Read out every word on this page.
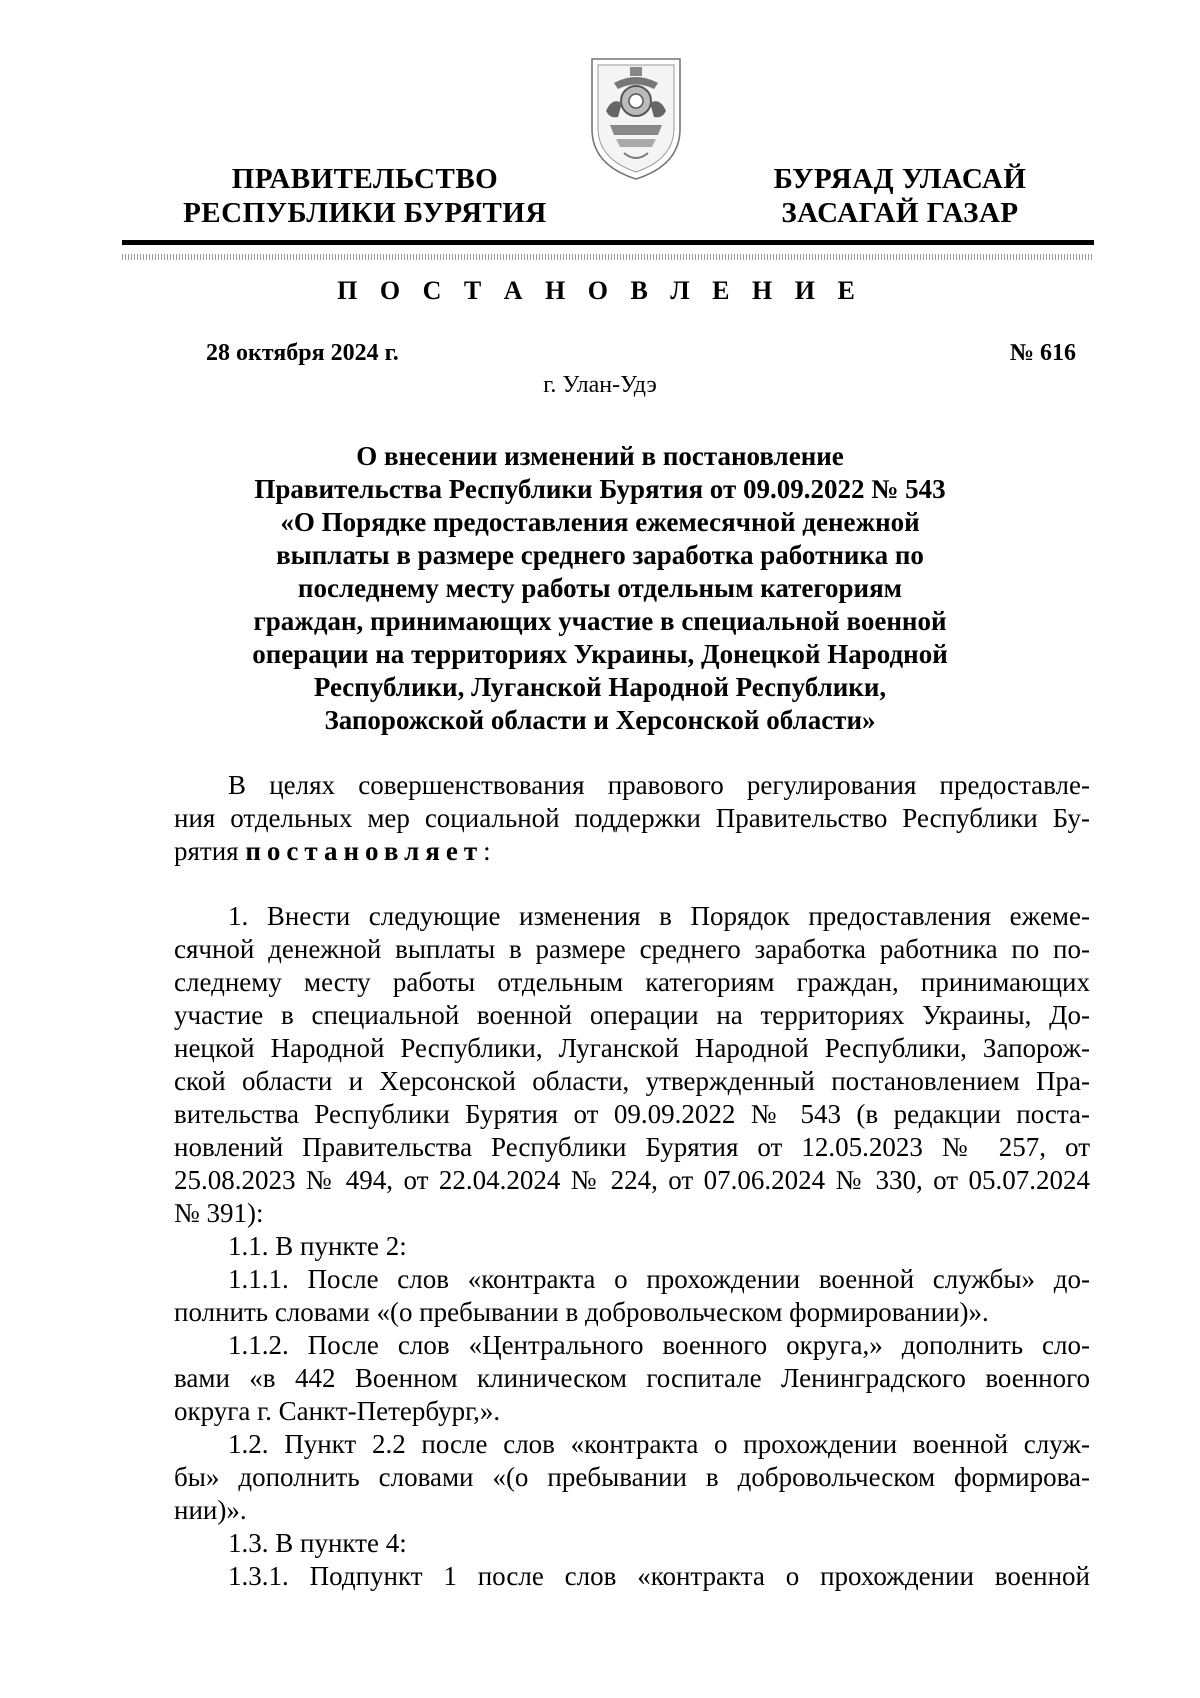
ПРАВИТЕЛЬСТВО
РЕСПУБЛИКИ БУРЯТИЯ
БУРЯАД УЛАСАЙ
ЗАСАГАЙ ГАЗАР
П О С Т А Н О В Л Е Н И Е
28 октября 2024 г.	№ 616
г. Улан-Удэ
О внесении изменений в постановление
Правительства Республики Бурятия от 09.09.2022 № 543
«О Порядке предоставления ежемесячной денежной
выплаты в размере среднего заработка работника по
последнему месту работы отдельным категориям
граждан, принимающих участие в специальной военной
операции на территориях Украины, Донецкой Народной
Республики, Луганской Народной Республики,
Запорожской области и Херсонской области»
В целях совершенствования правового регулирования предоставле-
ния отдельных мер социальной поддержки Правительство Республики Бу-
рятия постановляет:
1. Внести следующие изменения в Порядок предоставления ежеме-
сячной денежной выплаты в размере среднего заработка работника по по-
следнему месту работы отдельным категориям граждан, принимающих
участие в специальной военной операции на территориях Украины, До-
нецкой Народной Республики, Луганской Народной Республики, Запорож-
ской области и Херсонской области, утвержденный постановлением Пра-
вительства Республики Бурятия от 09.09.2022 № 543 (в редакции поста-
новлений Правительства Республики Бурятия от 12.05.2023 № 257, от
25.08.2023 № 494, от 22.04.2024 № 224, от 07.06.2024 № 330, от 05.07.2024
№ 391):
1.1. В пункте 2:
1.1.1. После слов «контракта о прохождении военной службы» до-
полнить словами «(о пребывании в добровольческом формировании)».
1.1.2. После слов «Центрального военного округа,» дополнить сло-
вами «в 442 Военном клиническом госпитале Ленинградского военного
округа г. Санкт-Петербург,».
1.2. Пункт 2.2 после слов «контракта о прохождении военной служ-
бы» дополнить словами «(о пребывании в добровольческом формирова-
нии)».
1.3. В пункте 4:
1.3.1. Подпункт 1 после слов «контракта о прохождении военной
